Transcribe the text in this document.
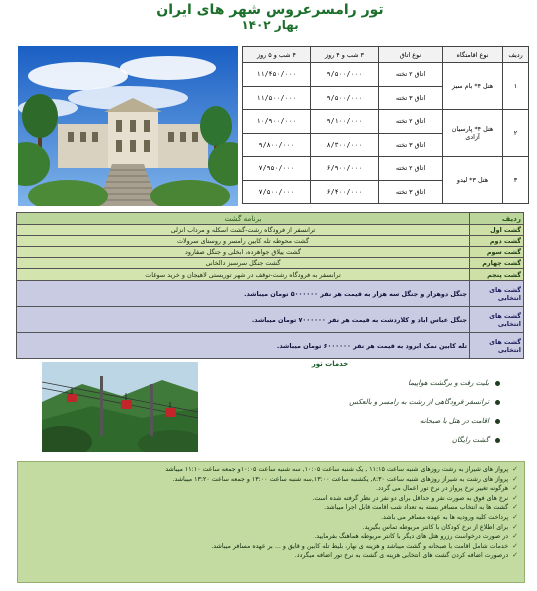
تور رامسرعروس شهر های ایران
بهار ۱۴۰۲
ردیف	نوع اقامتگاه	نوع اتاق	۳ شب و ۴ روز	۴ شب و ۵ روز
۱	هتل ۴* بام سبز	اتاق ۲ تخته	۹/۵۰۰/۰۰۰	۱۱/۴۵۰/۰۰۰
		اتاق ۳ تخته	۹/۵۰۰/۰۰۰	۱۱/۵۰۰/۰۰۰
۲	هتل ۴* پارسیان آزادی	اتاق ۲ تخته	۹/۱۰۰/۰۰۰	۱۰/۹۰۰/۰۰۰
		اتاق ۳ تخته	۸/۳۰۰/۰۰۰	۹/۸۰۰/۰۰۰
۳	هتل ۳* لیدو	اتاق ۲ تخته	۶/۹۰۰/۰۰۰	۷/۹۵۰/۰۰۰
		اتاق ۳ تخته	۶/۴۰۰/۰۰۰	۷/۵۰۰/۰۰۰
ردیف	برنامه گشت
گشت اول	ترانسفر از فرودگاه رشت-گشت اسکله و مرداب انزلی
گشت دوم	گشت محوطه تله کابین رامسر و روستای سرولات
گشت سوم	گشت ییلاق جواهرده، ابخلی و جنگل صفارود
گشت چهارم	گشت جنگل سرسبز دالخانی
گشت پنجم	ترانسفر به فرودگاه رشت-توقف در شهر توریستی لاهیجان و خرید سوغات
گشت های انتخابی	جنگل دوهزار و جنگل سه هزار به قیمت هر نفر ۵۰۰۰۰۰۰ تومان میباشد.
گشت های انتخابی	جنگل عباس اباد و کلاردشت به قیمت هر نفر ۷۰۰۰۰۰۰ تومان میباشد.
گشت های انتخابی	تله کابین نمک ابرود به قیمت هر نفر ۶۰۰۰۰۰۰ تومان میباشد.
خدمات تور
بلیت رفت و برگشت هواپیما
ترانسفر فرودگاهی از رشت به رامسر و بالعکس
اقامت در هتل با صبحانه
گشت رایگان
✓
پرواز های شیراز به رشت روزهای شنبه ساعت ۱۱:۱۵ , یک شنبه ساعت ۱۰:۰۵, سه شنبه ساعت ۱۰:۰۵و جمعه ساعت ۱۱:۱۰ میباشد
✓
پرواز های رشت به شیراز روزهای شنبه ساعت ۸:۳۰, یکشنبه ساعت ۱۳:۰۰,سه شنبه ساعت ۱۳:۰۰ و جمعه ساعت ۱۳:۲۰ میباشد.
✓
هرگونه تغییر نرخ پرواز در نرخ تور اعمال می گردد.
✓
نرخ های فوق به صورت نفر و حداقل برای دو نفر در نظر گرفته شده است.
✓
گشت ها به انتخاب مسافر بسته به تعداد شب اقامت قابل اجرا میباشد.
✓
پرداخت کلیه ورودیه ها به عهده مسافر می باشد.
✓
برای اطلاع از نرخ کودکان با کانتر مربوطه تماس بگیرید.
✓
در صورت درخواست رزرو هتل های دیگر با کانتر مربوطه هماهنگ بفرمایید.
✓
خدمات شامل اقامت با صبحانه و گشت میباشد و هزینه ی نهار، بلیط تله کابین و قایق و ... بر عهده مسافر میباشد.
✓
درصورت اضافه کردن گشت های انتخابی هزینه ی گشت به نرخ تور اضافه میگردد.
